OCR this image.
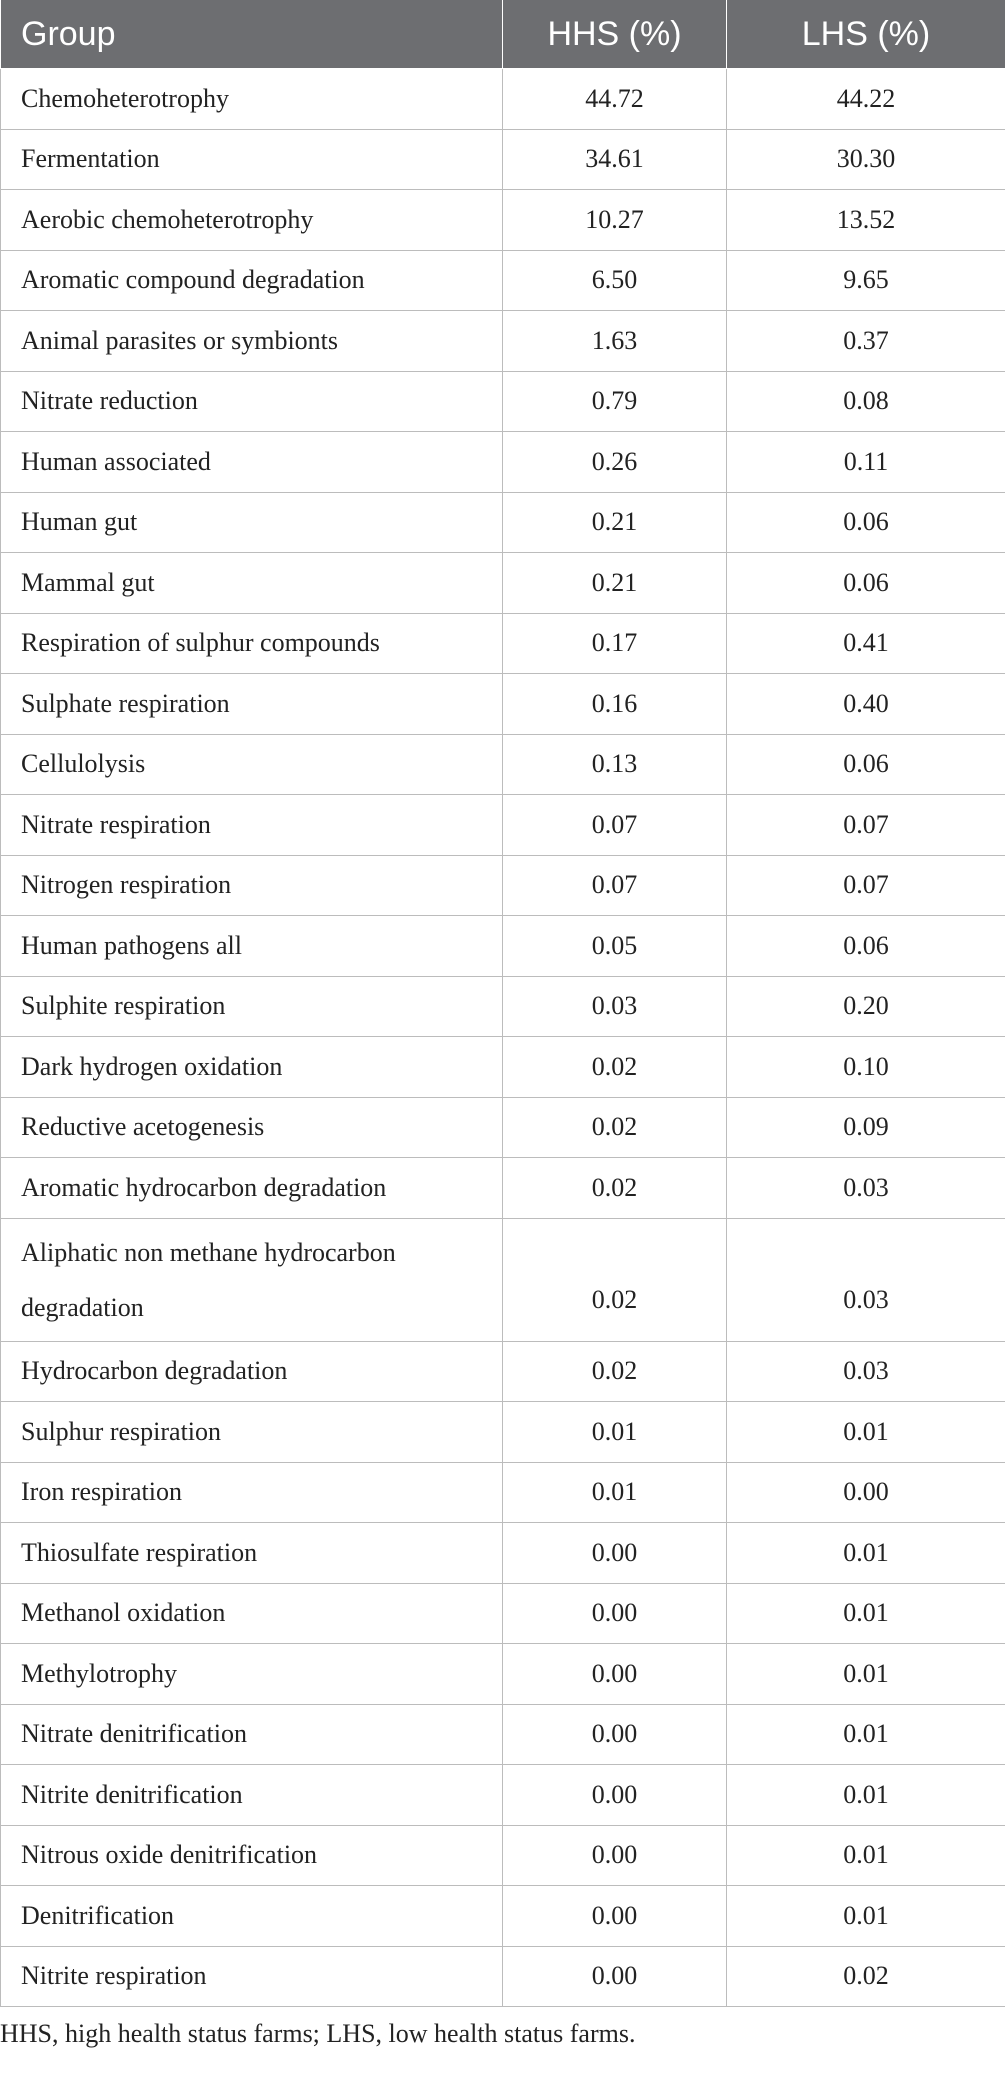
Group	HHS (%)	LHS (%)
Chemoheterotrophy	44.72	44.22
Fermentation	34.61	30.30
Aerobic chemoheterotrophy	10.27	13.52
Aromatic compound degradation	6.50	9.65
Animal parasites or symbionts	1.63	0.37
Nitrate reduction	0.79	0.08
Human associated	0.26	0.11
Human gut	0.21	0.06
Mammal gut	0.21	0.06
Respiration of sulphur compounds	0.17	0.41
Sulphate respiration	0.16	0.40
Cellulolysis	0.13	0.06
Nitrate respiration	0.07	0.07
Nitrogen respiration	0.07	0.07
Human pathogens all	0.05	0.06
Sulphite respiration	0.03	0.20
Dark hydrogen oxidation	0.02	0.10
Reductive acetogenesis	0.02	0.09
Aromatic hydrocarbon degradation	0.02	0.03
Aliphatic non methane hydrocarbon degradation	0.02	0.03
Hydrocarbon degradation	0.02	0.03
Sulphur respiration	0.01	0.01
Iron respiration	0.01	0.00
Thiosulfate respiration	0.00	0.01
Methanol oxidation	0.00	0.01
Methylotrophy	0.00	0.01
Nitrate denitrification	0.00	0.01
Nitrite denitrification	0.00	0.01
Nitrous oxide denitrification	0.00	0.01
Denitrification	0.00	0.01
Nitrite respiration	0.00	0.02
HHS, high health status farms; LHS, low health status farms.
